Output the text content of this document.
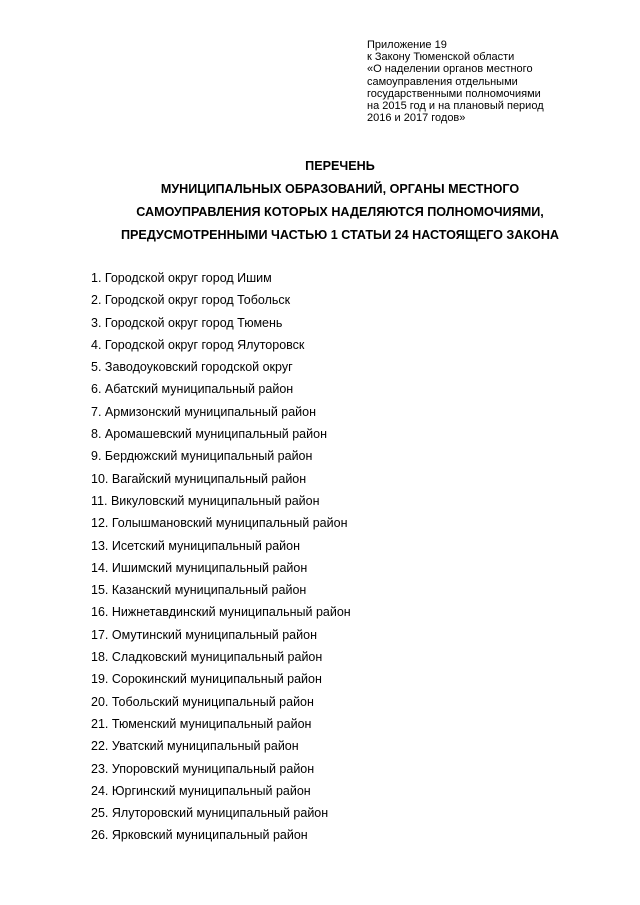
Приложение 19
к Закону Тюменской области
«О наделении органов местного
самоуправления отдельными
государственными полномочиями
на 2015 год и на плановый период
2016 и 2017 годов»
ПЕРЕЧЕНЬ
МУНИЦИПАЛЬНЫХ ОБРАЗОВАНИЙ, ОРГАНЫ МЕСТНОГО
САМОУПРАВЛЕНИЯ КОТОРЫХ НАДЕЛЯЮТСЯ ПОЛНОМОЧИЯМИ,
ПРЕДУСМОТРЕННЫМИ ЧАСТЬЮ 1 СТАТЬИ 24 НАСТОЯЩЕГО ЗАКОНА
1. Городской округ город Ишим
2. Городской округ город Тобольск
3. Городской округ город Тюмень
4. Городской округ город Ялуторовск
5. Заводоуковский городской округ
6. Абатский муниципальный район
7. Армизонский муниципальный район
8. Аромашевский муниципальный район
9. Бердюжский муниципальный район
10. Вагайский муниципальный район
11. Викуловский муниципальный район
12. Голышмановский муниципальный район
13. Исетский муниципальный район
14. Ишимский муниципальный район
15. Казанский муниципальный район
16. Нижнетавдинский муниципальный район
17. Омутинский муниципальный район
18. Сладковский муниципальный район
19. Сорокинский муниципальный район
20. Тобольский муниципальный район
21. Тюменский муниципальный район
22. Уватский муниципальный район
23. Упоровский муниципальный район
24. Юргинский муниципальный район
25. Ялуторовский муниципальный район
26. Ярковский муниципальный район
